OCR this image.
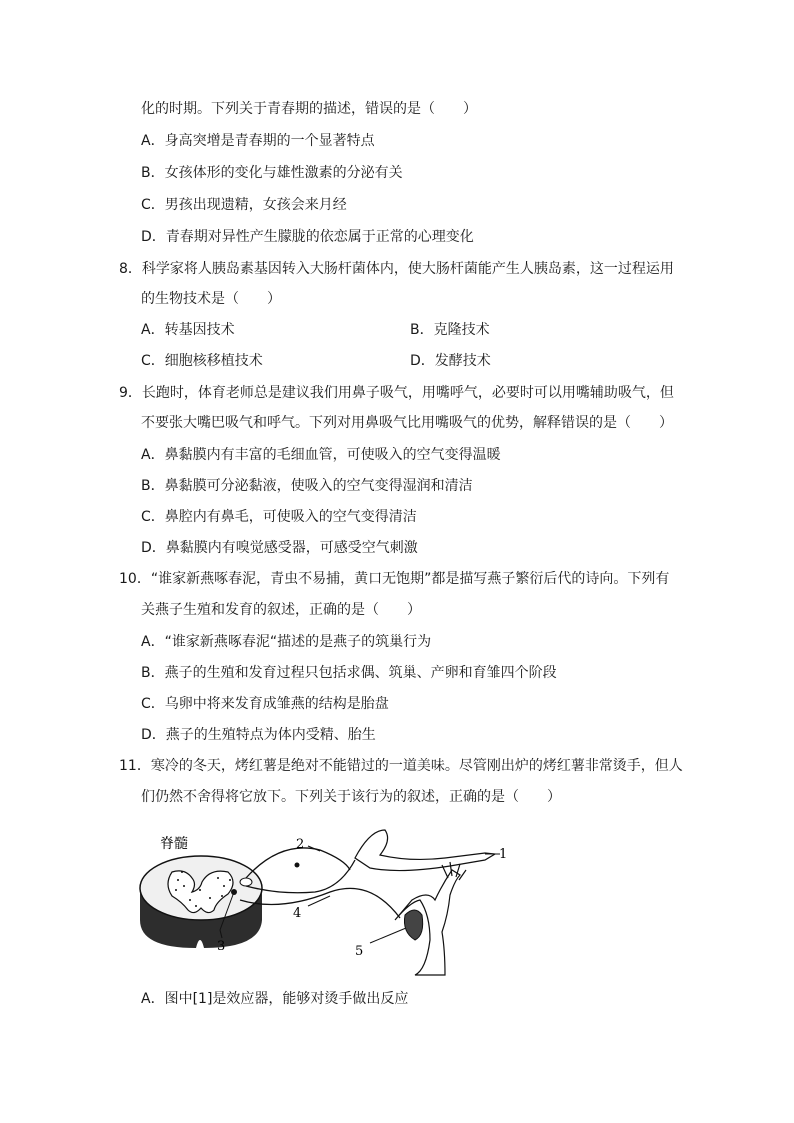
化的时期。下列关于青春期的描述，错误的是（　　）
A．身高突增是青春期的一个显著特点
B．女孩体形的变化与雄性激素的分泌有关
C．男孩出现遗精，女孩会来月经
D．青春期对异性产生朦胧的依恋属于正常的心理变化
8．科学家将人胰岛素基因转入大肠杆菌体内，使大肠杆菌能产生人胰岛素，这一过程运用
的生物技术是（　　）
A．转基因技术	B．克隆技术
C．细胞核移植技术	D．发酵技术
9．长跑时，体育老师总是建议我们用鼻子吸气，用嘴呼气，必要时可以用嘴辅助吸气，但
不要张大嘴巴吸气和呼气。下列对用鼻吸气比用嘴吸气的优势，解释错误的是（　　）
A．鼻黏膜内有丰富的毛细血管，可使吸入的空气变得温暖
B．鼻黏膜可分泌黏液，使吸入的空气变得湿润和清洁
C．鼻腔内有鼻毛，可使吸入的空气变得清洁
D．鼻黏膜内有嗅觉感受器，可感受空气刺激
10．“谁家新燕啄春泥，青虫不易捕，黄口无饱期”都是描写燕子繁衍后代的诗向。下列有
关燕子生殖和发育的叙述，正确的是（　　）
A．“谁家新燕啄春泥“描述的是燕子的筑巢行为
B．燕子的生殖和发育过程只包括求偶、筑巢、产卵和育雏四个阶段
C．乌卵中将来发育成雏燕的结构是胎盘
D．燕子的生殖特点为体内受精、胎生
11．寒冷的冬天，烤红薯是绝对不能错过的一道美味。尽管刚出炉的烤红薯非常烫手，但人
们仍然不舍得将它放下。下列关于该行为的叙述，正确的是（　　）
脊髓
1
2
3
4
5
A．图中[1]是效应器，能够对烫手做出反应
